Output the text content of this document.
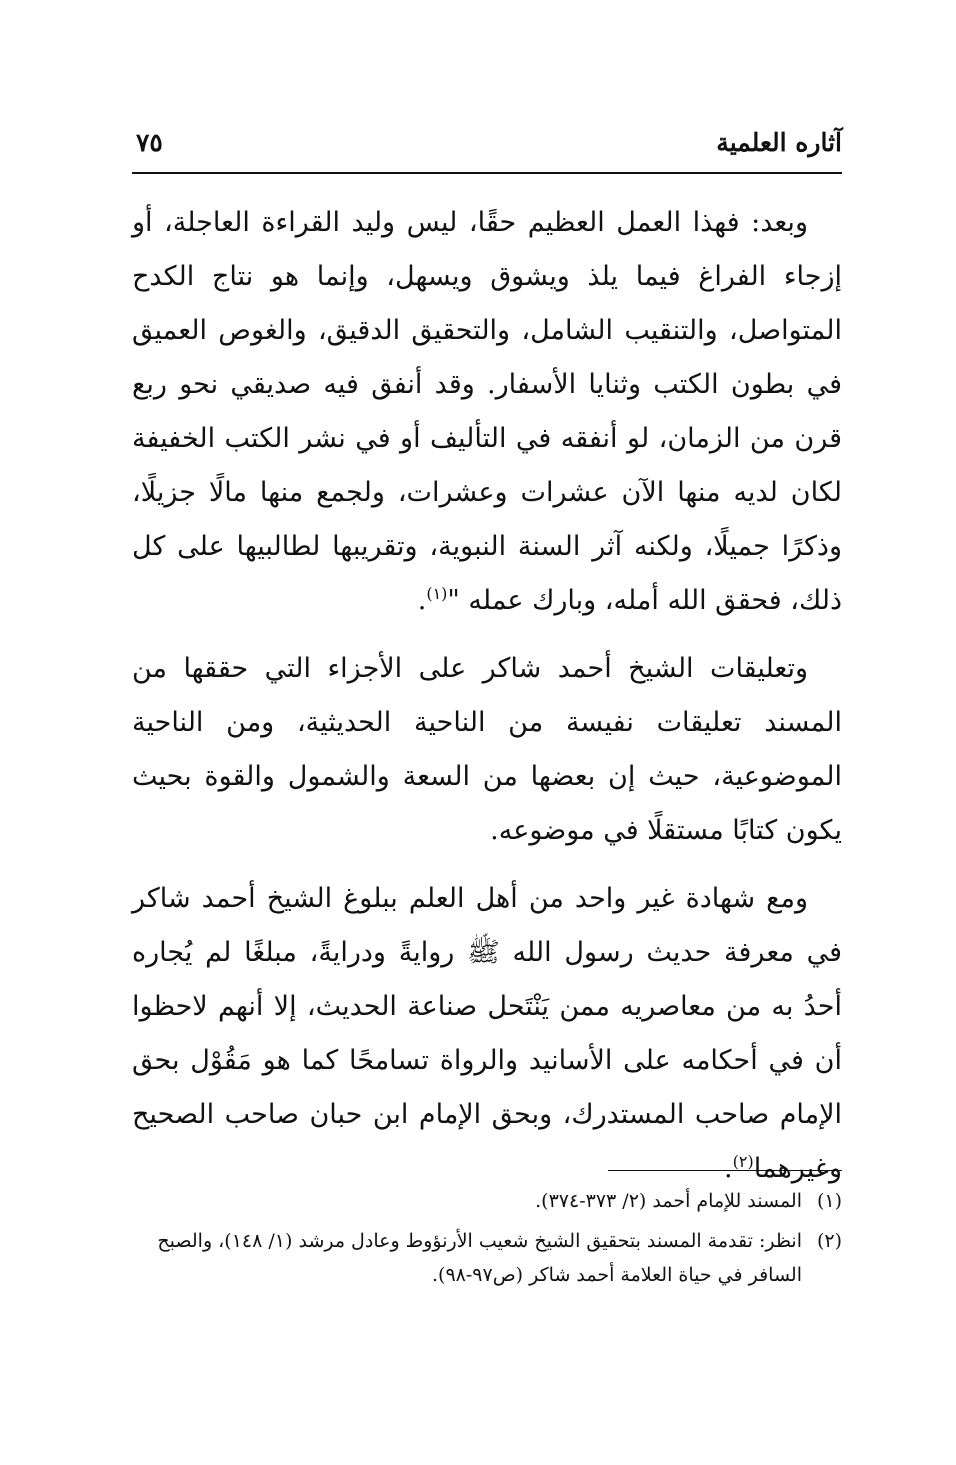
آثاره العلمية
٧٥

وبعد: فهذا العمل العظيم حقًا، ليس وليد القراءة العاجلة، أو إزجاء الفراغ فيما يلذ ويشوق ويسهل، وإنما هو نتاج الكدح المتواصل، والتنقيب الشامل، والتحقيق الدقيق، والغوص العميق في بطون الكتب وثنايا الأسفار. وقد أنفق فيه صديقي نحو ربع قرن من الزمان، لو أنفقه في التأليف أو في نشر الكتب الخفيفة لكان لديه منها الآن عشرات وعشرات، ولجمع منها مالًا جزيلًا، وذكرًا جميلًا، ولكنه آثر السنة النبوية، وتقريبها لطالبيها على كل ذلك، فحقق الله أمله، وبارك عمله "$^{(١)}$.

وتعليقات الشيخ أحمد شاكر على الأجزاء التي حققها من المسند تعليقات نفيسة من الناحية الحديثية، ومن الناحية الموضوعية، حيث إن بعضها من السعة والشمول والقوة بحيث يكون كتابًا مستقلًا في موضوعه.

ومع شهادة غير واحد من أهل العلم ببلوغ الشيخ أحمد شاكر في معرفة حديث رسول الله ﷺ روايةً ودرايةً، مبلغًا لم يُجاره أحدُ به من معاصريه ممن يَنْتَحل صناعة الحديث، إلا أنهم لاحظوا أن في أحكامه على الأسانيد والرواة تسامحًا كما هو مَقُوْل بحق الإمام صاحب المستدرك، وبحق الإمام ابن حبان صاحب الصحيح وغيرهما$^{(٢)}$.

(١)
المسند للإمام أحمد (٢/ ٣٧٣-٣٧٤).
(٢)
انظر: تقدمة المسند بتحقيق الشيخ شعيب الأرنؤوط وعادل مرشد (١/ ١٤٨)، والصبح السافر في حياة العلامة أحمد شاكر (ص٩٧-٩٨).
